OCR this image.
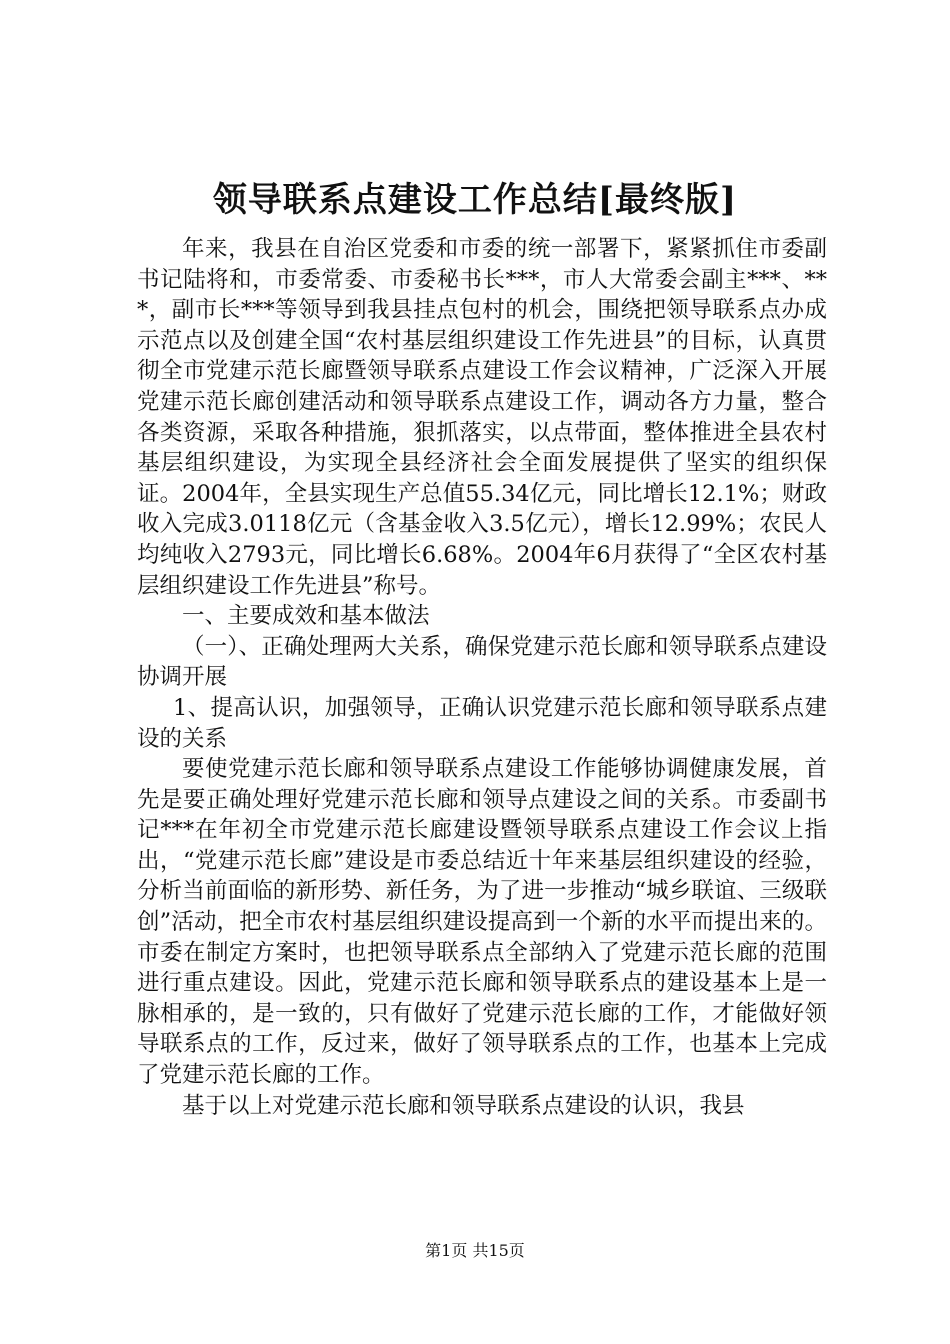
领导联系点建设工作总结[最终版]

年来，我县在自治区党委和市委的统一部署下，紧紧抓住市委副书记陆将和，市委常委、市委秘书长***，市人大常委会副主***、***，副市长***等领导到我县挂点包村的机会，围绕把领导联系点办成示范点以及创建全国“农村基层组织建设工作先进县”的目标，认真贯彻全市党建示范长廊暨领导联系点建设工作会议精神，广泛深入开展党建示范长廊创建活动和领导联系点建设工作，调动各方力量，整合各类资源，采取各种措施，狠抓落实，以点带面，整体推进全县农村基层组织建设，为实现全县经济社会全面发展提供了坚实的组织保证。2004年，全县实现生产总值55.34亿元，同比增长12.1%；财政收入完成3.0118亿元（含基金收入3.5亿元），增长12.99%；农民人均纯收入2793元，同比增长6.68%。2004年6月获得了“全区农村基层组织建设工作先进县”称号。

一、主要成效和基本做法

（一）、正确处理两大关系，确保党建示范长廊和领导联系点建设协调开展

1、提高认识，加强领导，正确认识党建示范长廊和领导联系点建设的关系

要使党建示范长廊和领导联系点建设工作能够协调健康发展，首先是要正确处理好党建示范长廊和领导点建设之间的关系。市委副书记***在年初全市党建示范长廊建设暨领导联系点建设工作会议上指出，“党建示范长廊”建设是市委总结近十年来基层组织建设的经验，分析当前面临的新形势、新任务，为了进一步推动“城乡联谊、三级联创”活动，把全市农村基层组织建设提高到一个新的水平而提出来的。市委在制定方案时，也把领导联系点全部纳入了党建示范长廊的范围进行重点建设。因此，党建示范长廊和领导联系点的建设基本上是一脉相承的，是一致的，只有做好了党建示范长廊的工作，才能做好领导联系点的工作，反过来，做好了领导联系点的工作，也基本上完成了党建示范长廊的工作。

基于以上对党建示范长廊和领导联系点建设的认识，我县

第1页 共15页
